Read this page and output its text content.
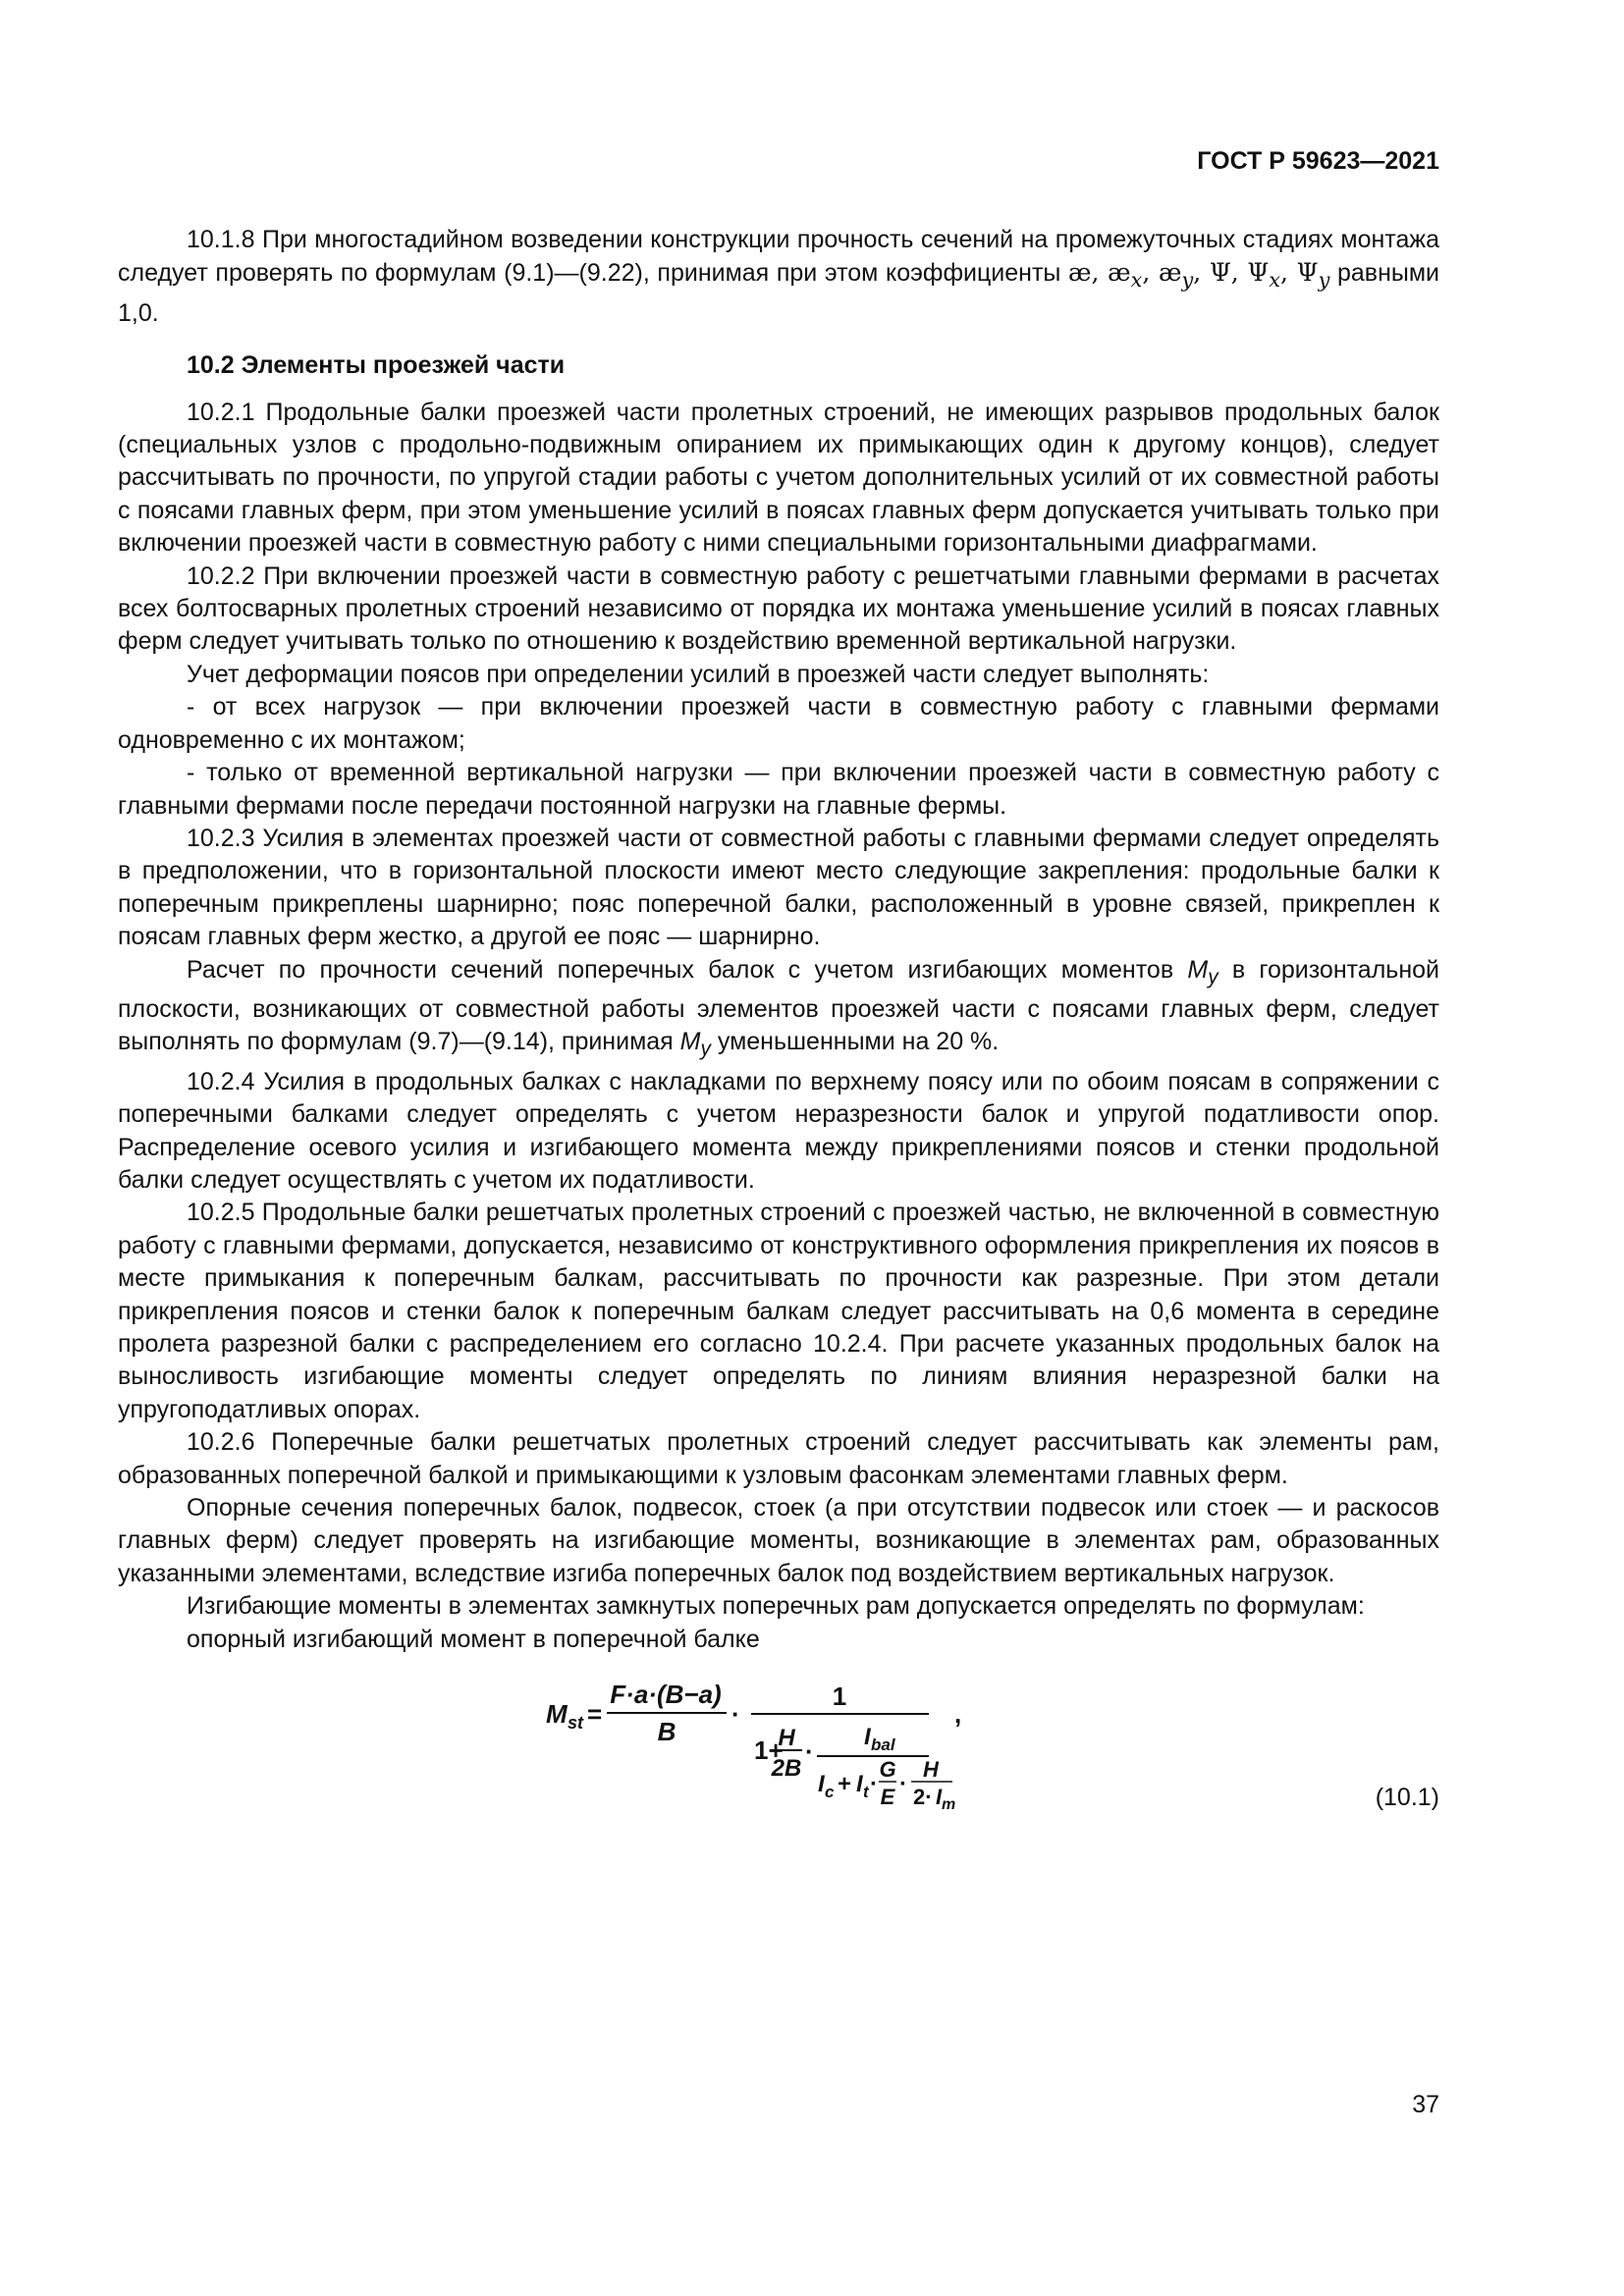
ГОСТ Р 59623—2021

10.1.8 При многостадийном возведении конструкции прочность сечений на промежуточных стадиях монтажа следует проверять по формулам (9.1)—(9.22), принимая при этом коэффициенты æ, $æ_x$, $æ_y$, Ψ, $\Psi_x$, $\Psi_y$ равными 1,0.

10.2 Элементы проезжей части

10.2.1 Продольные балки проезжей части пролетных строений, не имеющих разрывов продольных балок (специальных узлов с продольно-подвижным опиранием их примыкающих один к другому концов), следует рассчитывать по прочности, по упругой стадии работы с учетом дополнительных усилий от их совместной работы с поясами главных ферм, при этом уменьшение усилий в поясах главных ферм допускается учитывать только при включении проезжей части в совместную работу с ними специальными горизонтальными диафрагмами.

10.2.2 При включении проезжей части в совместную работу с решетчатыми главными фермами в расчетах всех болтосварных пролетных строений независимо от порядка их монтажа уменьшение усилий в поясах главных ферм следует учитывать только по отношению к воздействию временной вертикальной нагрузки.

Учет деформации поясов при определении усилий в проезжей части следует выполнять:

- от всех нагрузок — при включении проезжей части в совместную работу с главными фермами одновременно с их монтажом;

- только от временной вертикальной нагрузки — при включении проезжей части в совместную работу с главными фермами после передачи постоянной нагрузки на главные фермы.

10.2.3 Усилия в элементах проезжей части от совместной работы с главными фермами следует определять в предположении, что в горизонтальной плоскости имеют место следующие закрепления: продольные балки к поперечным прикреплены шарнирно; пояс поперечной балки, расположенный в уровне связей, прикреплен к поясам главных ферм жестко, а другой ее пояс — шарнирно.

Расчет по прочности сечений поперечных балок с учетом изгибающих моментов $M_y$ в горизонтальной плоскости, возникающих от совместной работы элементов проезжей части с поясами главных ферм, следует выполнять по формулам (9.7)—(9.14), принимая $M_y$ уменьшенными на 20 %.

10.2.4 Усилия в продольных балках с накладками по верхнему поясу или по обоим поясам в сопряжении с поперечными балками следует определять с учетом неразрезности балок и упругой податливости опор. Распределение осевого усилия и изгибающего момента между прикреплениями поясов и стенки продольной балки следует осуществлять с учетом их податливости.

10.2.5 Продольные балки решетчатых пролетных строений с проезжей частью, не включенной в совместную работу с главными фермами, допускается, независимо от конструктивного оформления прикрепления их поясов в месте примыкания к поперечным балкам, рассчитывать по прочности как разрезные. При этом детали прикрепления поясов и стенки балок к поперечным балкам следует рассчитывать на 0,6 момента в середине пролета разрезной балки с распределением его согласно 10.2.4. При расчете указанных продольных балок на выносливость изгибающие моменты следует определять по линиям влияния неразрезной балки на упругоподатливых опорах.

10.2.6 Поперечные балки решетчатых пролетных строений следует рассчитывать как элементы рам, образованных поперечной балкой и примыкающими к узловым фасонкам элементами главных ферм.

Опорные сечения поперечных балок, подвесок, стоек (а при отсутствии подвесок или стоек — и раскосов главных ферм) следует проверять на изгибающие моменты, возникающие в элементах рам, образованных указанными элементами, вследствие изгиба поперечных балок под воздействием вертикальных нагрузок.

Изгибающие моменты в элементах замкнутых поперечных рам допускается определять по формулам:

опорный изгибающий момент в поперечной балке

M st =
F·a·(B−a)
B
·
1
1+
H
2B
· I bal
I c + I t ·
G
E ·
H
2· I m
,
(10.1)
37
